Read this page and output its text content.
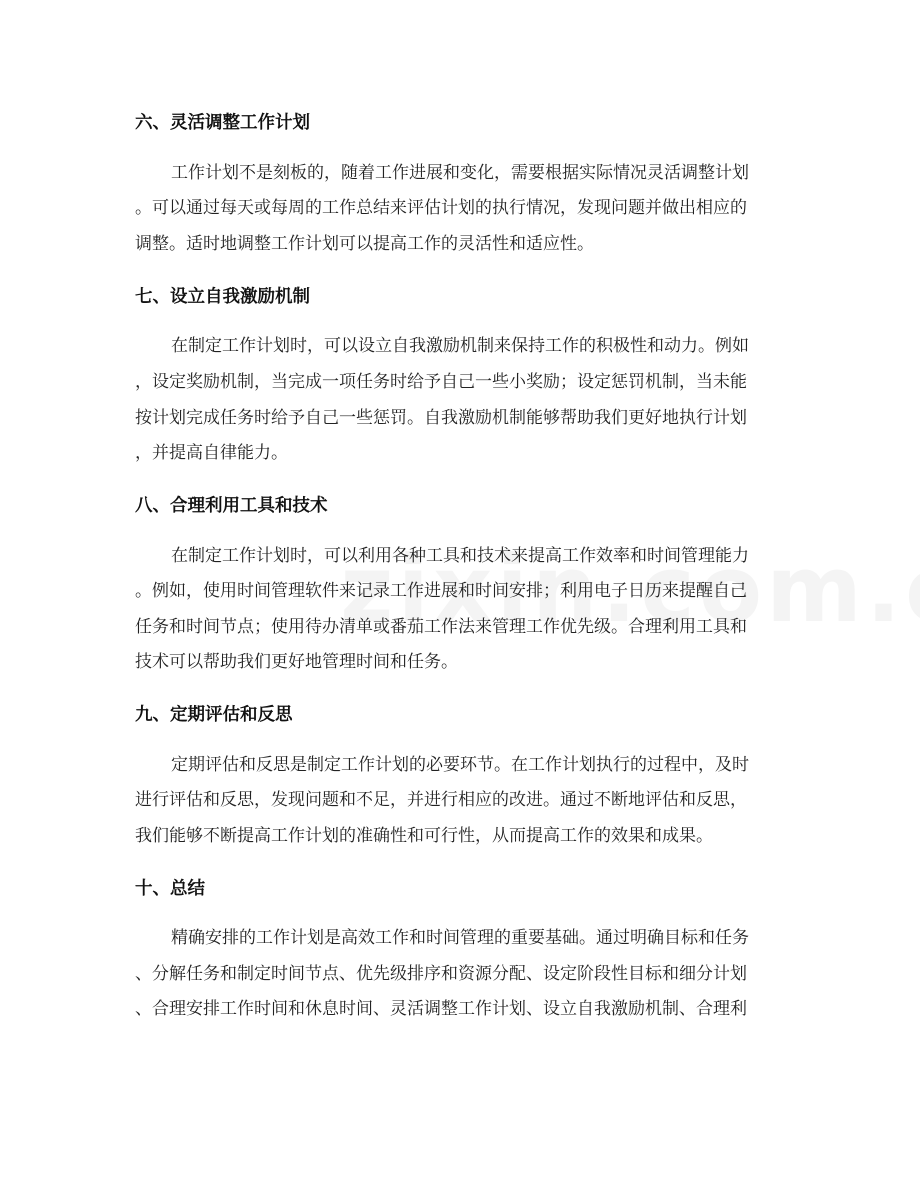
六、灵活调整工作计划
工作计划不是刻板的，随着工作进展和变化，需要根据实际情况灵活调整计划
。可以通过每天或每周的工作总结来评估计划的执行情况，发现问题并做出相应的
调整。适时地调整工作计划可以提高工作的灵活性和适应性。
七、设立自我激励机制
在制定工作计划时，可以设立自我激励机制来保持工作的积极性和动力。例如
，设定奖励机制，当完成一项任务时给予自己一些小奖励；设定惩罚机制，当未能
按计划完成任务时给予自己一些惩罚。自我激励机制能够帮助我们更好地执行计划
，并提高自律能力。
八、合理利用工具和技术
在制定工作计划时，可以利用各种工具和技术来提高工作效率和时间管理能力
。例如，使用时间管理软件来记录工作进展和时间安排；利用电子日历来提醒自己
任务和时间节点；使用待办清单或番茄工作法来管理工作优先级。合理利用工具和
技术可以帮助我们更好地管理时间和任务。
九、定期评估和反思
定期评估和反思是制定工作计划的必要环节。在工作计划执行的过程中，及时
进行评估和反思，发现问题和不足，并进行相应的改进。通过不断地评估和反思，
我们能够不断提高工作计划的准确性和可行性，从而提高工作的效果和成果。
十、总结
精确安排的工作计划是高效工作和时间管理的重要基础。通过明确目标和任务
、分解任务和制定时间节点、优先级排序和资源分配、设定阶段性目标和细分计划
、合理安排工作时间和休息时间、灵活调整工作计划、设立自我激励机制、合理利
